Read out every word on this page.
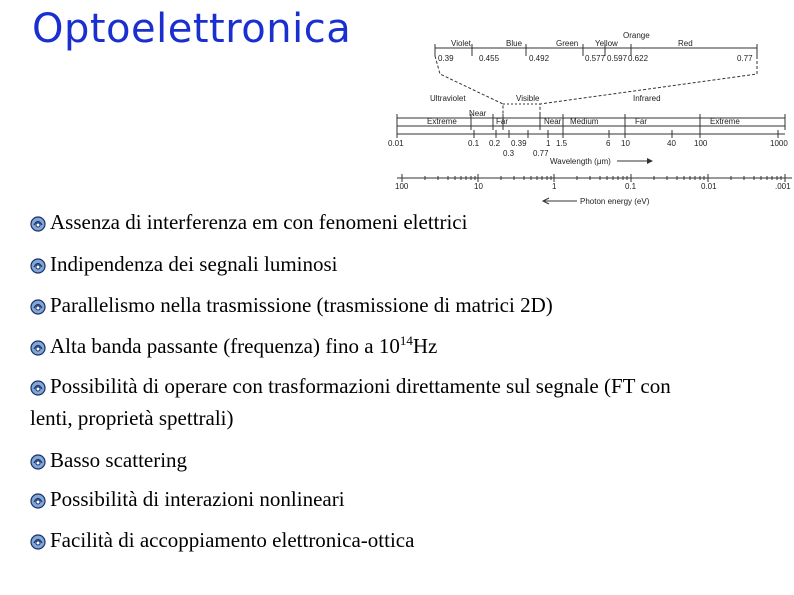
Optoelettronica	Violet	Blue	Green Yellow
Orange
Red
0.39	0.455	0.492	0.577 0.597 0.622	0.77
Ultraviolet	Visible	Infrared
Near
Extreme	Far	Near Medium	Far	Extreme
0.01	0.1 0.2 0.39 1 1.5	6 10	40 100	1000
0.3 0.77
Wavelength (μm)
100	10	1	0.1	0.01	.001
Photon energy (eV)

Assenza di interferenza em con fenomeni elettrici

Indipendenza dei segnali luminosi

Parallelismo nella trasmissione (trasmissione di matrici 2D)

Alta banda passante (frequenza) fino a $10^{14}Hz$

Possibilità di operare con trasformazioni direttamente sul segnale (FT con
lenti, proprietà spettrali)

Basso scattering

Possibilità di interazioni nonlineari

Facilità di accoppiamento elettronica-ottica
